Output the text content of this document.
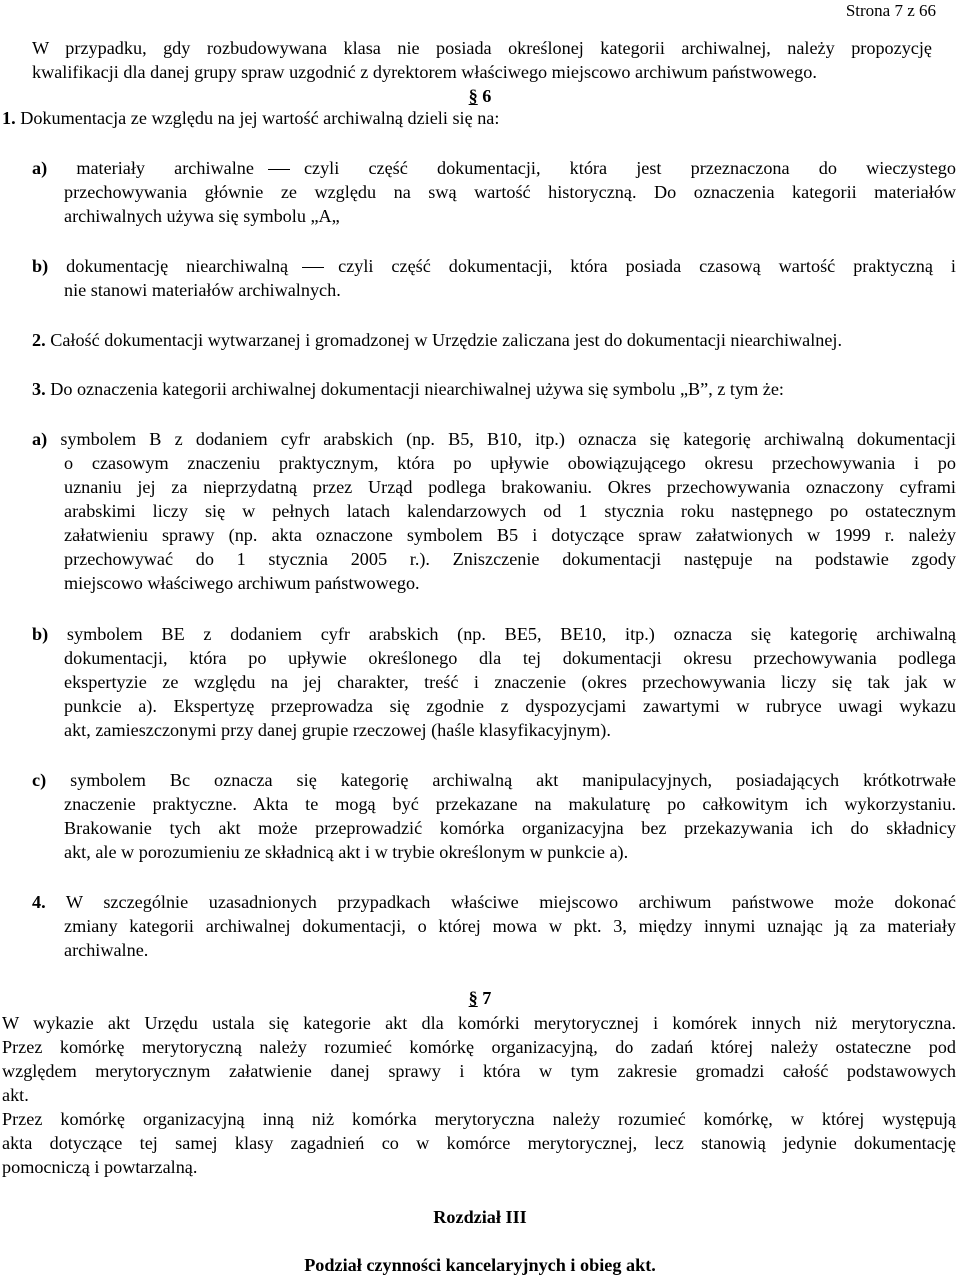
Strona 7 z 66
W przypadku, gdy rozbudowywana klasa nie posiada określonej kategorii archiwalnej, należy propozycję
kwalifikacji dla danej grupy spraw uzgodnić z dyrektorem właściwego miejscowo archiwum państwowego.
§ 6
1. Dokumentacja ze względu na jej wartość archiwalną dzieli się na:
a) materiały archiwalne	czyli część dokumentacji, która jest przeznaczona do wieczystego
przechowywania głównie ze względu na swą wartość historyczną. Do oznaczenia kategorii materiałów
archiwalnych używa się symbolu „A„
b) dokumentację niearchiwalną	czyli część dokumentacji, która posiada czasową wartość praktyczną i
nie stanowi materiałów archiwalnych.
2. Całość dokumentacji wytwarzanej i gromadzonej w Urzędzie zaliczana jest do dokumentacji niearchiwalnej.
3. Do oznaczenia kategorii archiwalnej dokumentacji niearchiwalnej używa się symbolu „B”, z tym że:
a) symbolem B z dodaniem cyfr arabskich (np. B5, B10, itp.) oznacza się kategorię archiwalną dokumentacji
o czasowym znaczeniu praktycznym, która po upływie obowiązującego okresu przechowywania i po
uznaniu jej za nieprzydatną przez Urząd podlega brakowaniu. Okres przechowywania oznaczony cyframi
arabskimi liczy się w pełnych latach kalendarzowych od 1 stycznia roku następnego po ostatecznym
załatwieniu sprawy (np. akta oznaczone symbolem B5 i dotyczące spraw załatwionych w 1999 r. należy
przechowywać do 1 stycznia 2005 r.). Zniszczenie dokumentacji następuje na podstawie zgody
miejscowo właściwego archiwum państwowego.
b) symbolem BE z dodaniem cyfr arabskich (np. BE5, BE10, itp.) oznacza się kategorię archiwalną
dokumentacji, która po upływie określonego dla tej dokumentacji okresu przechowywania podlega
ekspertyzie ze względu na jej charakter, treść i znaczenie (okres przechowywania liczy się tak jak w
punkcie a). Ekspertyzę przeprowadza się zgodnie z dyspozycjami zawartymi w rubryce uwagi wykazu
akt, zamieszczonymi przy danej grupie rzeczowej (haśle klasyfikacyjnym).
c) symbolem Bc oznacza się kategorię archiwalną akt manipulacyjnych, posiadających krótkotrwałe
znaczenie praktyczne. Akta te mogą być przekazane na makulaturę po całkowitym ich wykorzystaniu.
Brakowanie tych akt może przeprowadzić komórka organizacyjna bez przekazywania ich do składnicy
akt, ale w porozumieniu ze składnicą akt i w trybie określonym w punkcie a).
4. W szczególnie uzasadnionych przypadkach właściwe miejscowo archiwum państwowe może dokonać
zmiany kategorii archiwalnej dokumentacji, o której mowa w pkt. 3, między innymi uznając ją za materiały
archiwalne.
§ 7
W wykazie akt Urzędu ustala się kategorie akt dla komórki merytorycznej i komórek innych niż merytoryczna.
Przez komórkę merytoryczną należy rozumieć komórkę organizacyjną, do zadań której należy ostateczne pod
względem merytorycznym załatwienie danej sprawy i która w tym zakresie gromadzi całość podstawowych
akt.
Przez komórkę organizacyjną inną niż komórka merytoryczna należy rozumieć komórkę, w której występują
akta dotyczące tej samej klasy zagadnień co w komórce merytorycznej, lecz stanowią jedynie dokumentację
pomocniczą i powtarzalną.
Rozdział III
Podział czynności kancelaryjnych i obieg akt.
